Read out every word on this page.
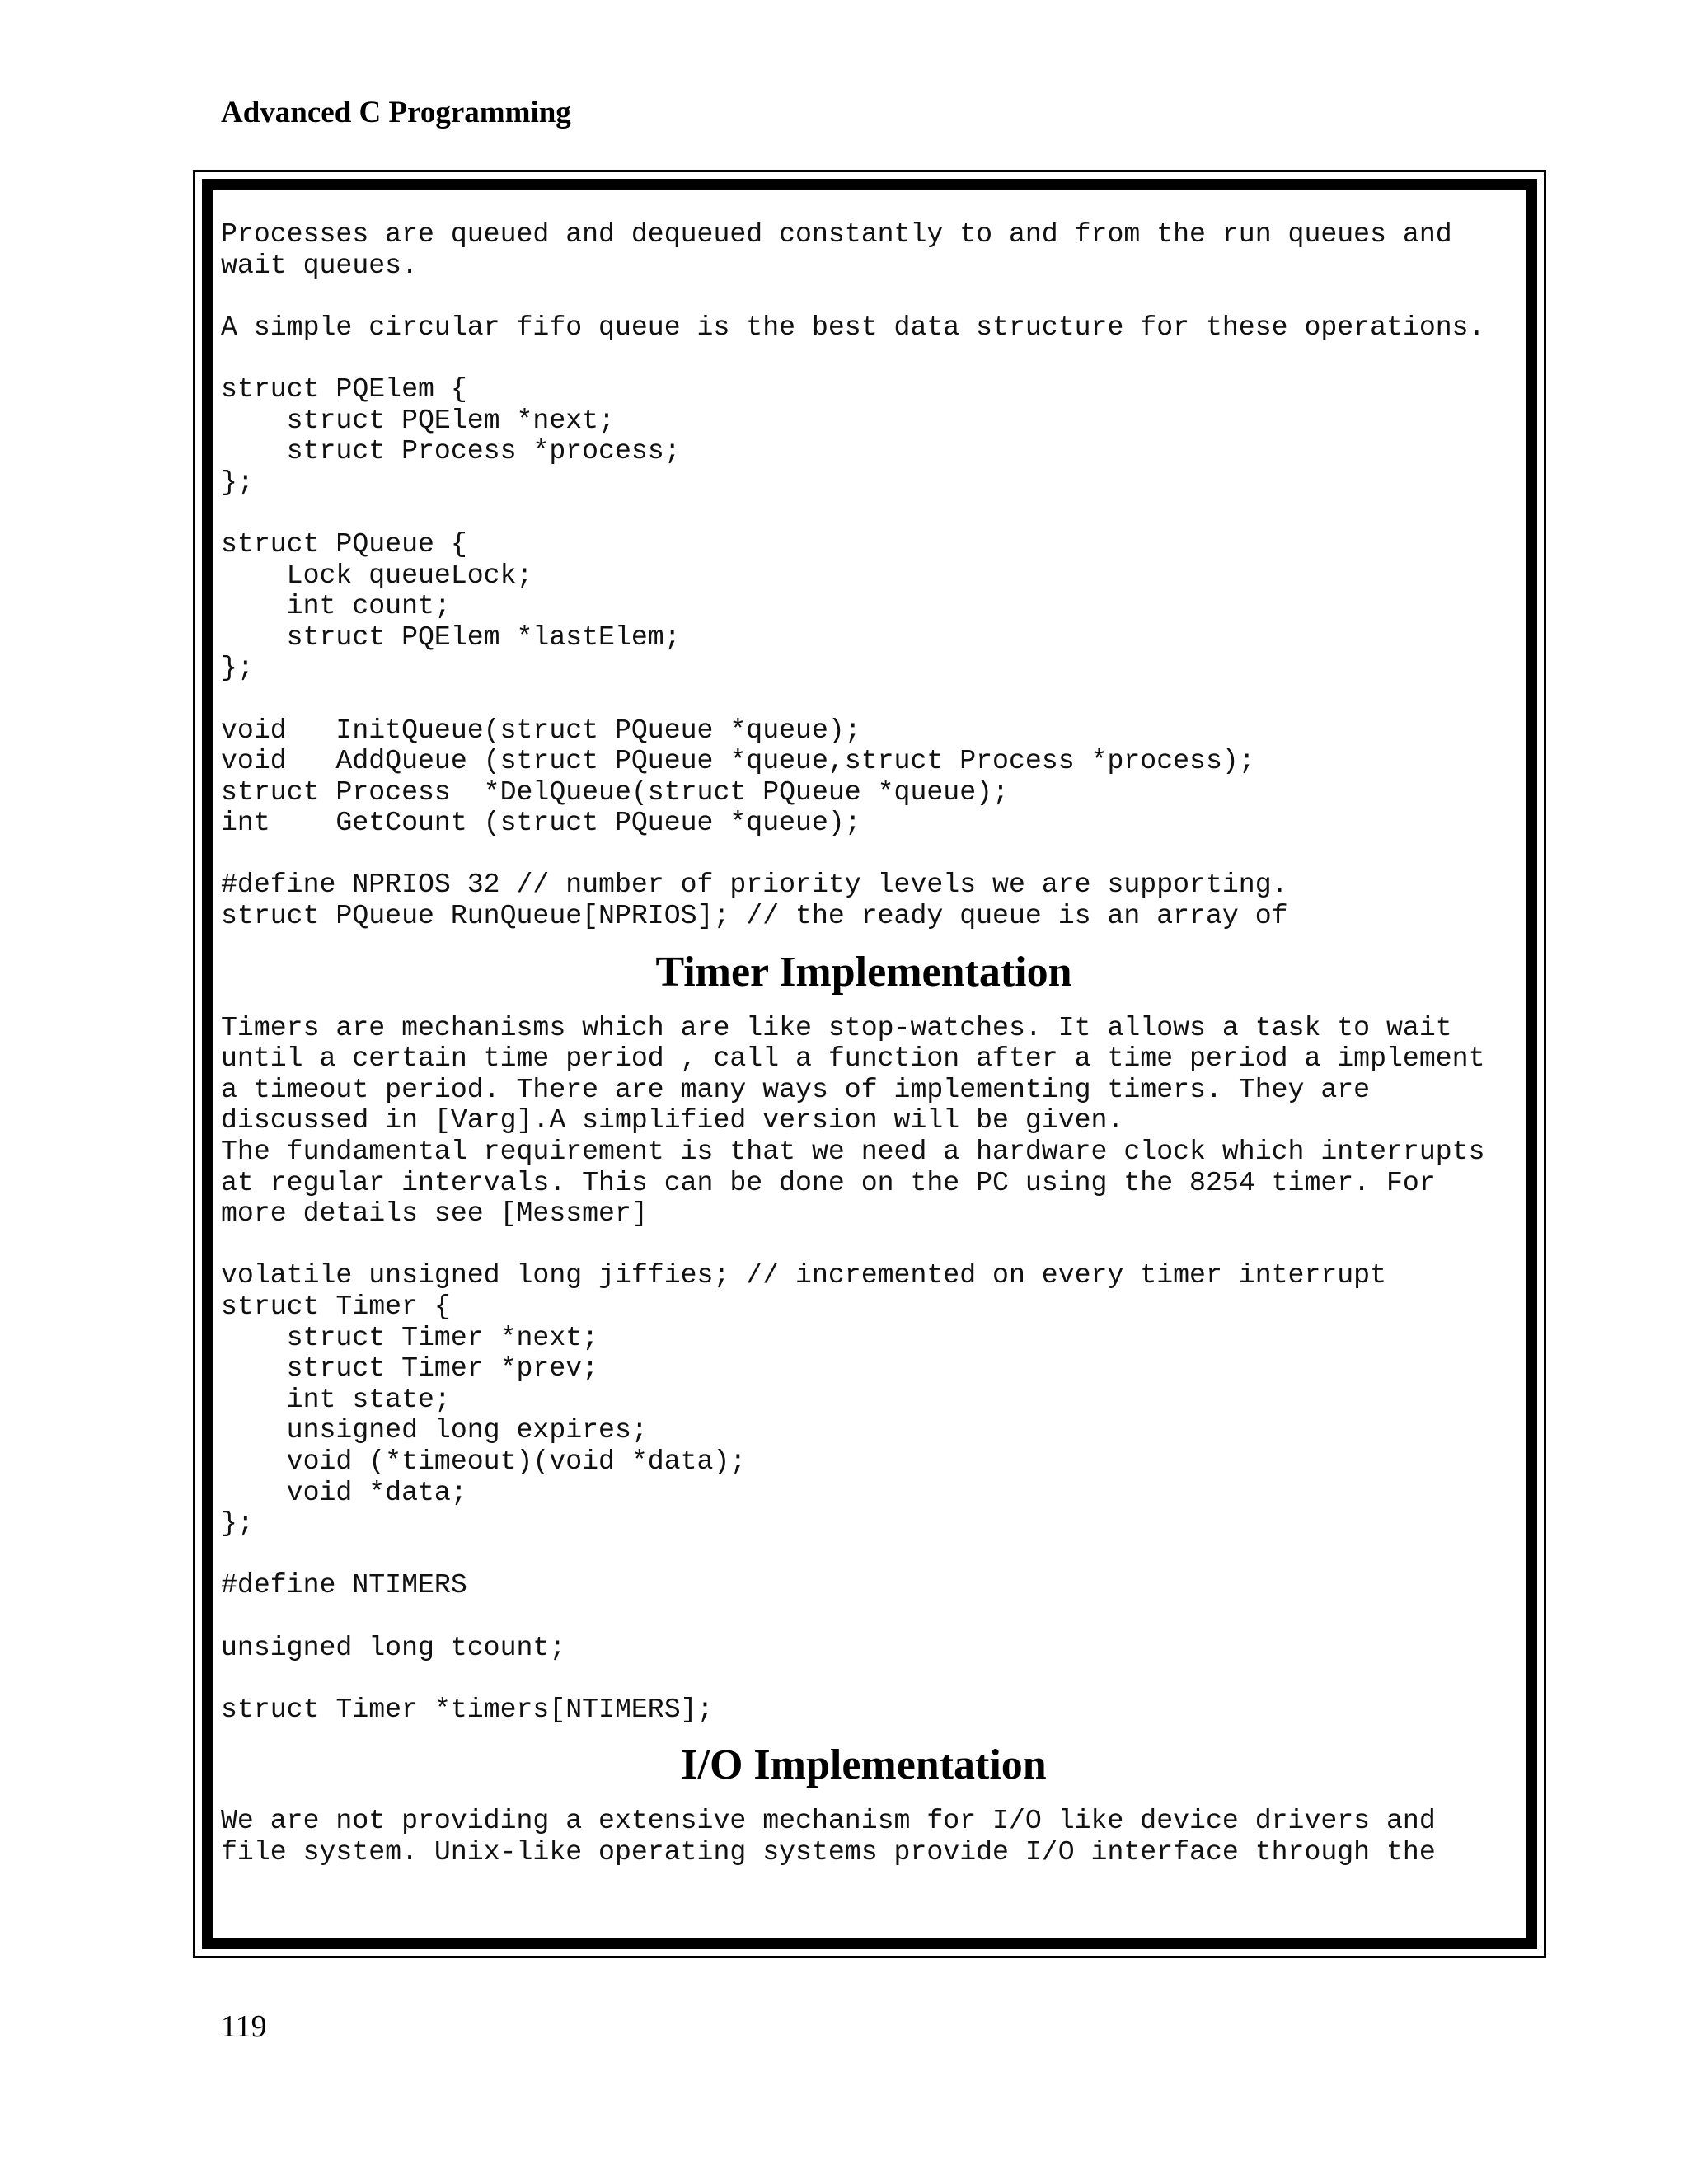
Advanced C Programming
Processes are queued and dequeued constantly to and from the run queues and
wait queues.

A simple circular fifo queue is the best data structure for these operations.

struct PQElem {
struct PQElem *next;
struct Process *process;
};

struct PQueue {
Lock queueLock;
int count;
struct PQElem *lastElem;
};

void   InitQueue(struct PQueue *queue);
void   AddQueue (struct PQueue *queue,struct Process *process);
struct Process  *DelQueue(struct PQueue *queue);
int    GetCount (struct PQueue *queue);

#define NPRIOS 32 // number of priority levels we are supporting.
struct PQueue RunQueue[NPRIOS]; // the ready queue is an array of
Timer Implementation
Timers are mechanisms which are like stop-watches. It allows a task to wait
until a certain time period , call a function after a time period a implement
a timeout period. There are many ways of implementing timers. They are
discussed in [Varg].A simplified version will be given.
The fundamental requirement is that we need a hardware clock which interrupts
at regular intervals. This can be done on the PC using the 8254 timer. For
more details see [Messmer]

volatile unsigned long jiffies; // incremented on every timer interrupt
struct Timer {
struct Timer *next;
struct Timer *prev;
int state;
unsigned long expires;
void (*timeout)(void *data);
void *data;
};

#define NTIMERS

unsigned long tcount;

struct Timer *timers[NTIMERS];
I/O Implementation
We are not providing a extensive mechanism for I/O like device drivers and
file system. Unix-like operating systems provide I/O interface through the
119
